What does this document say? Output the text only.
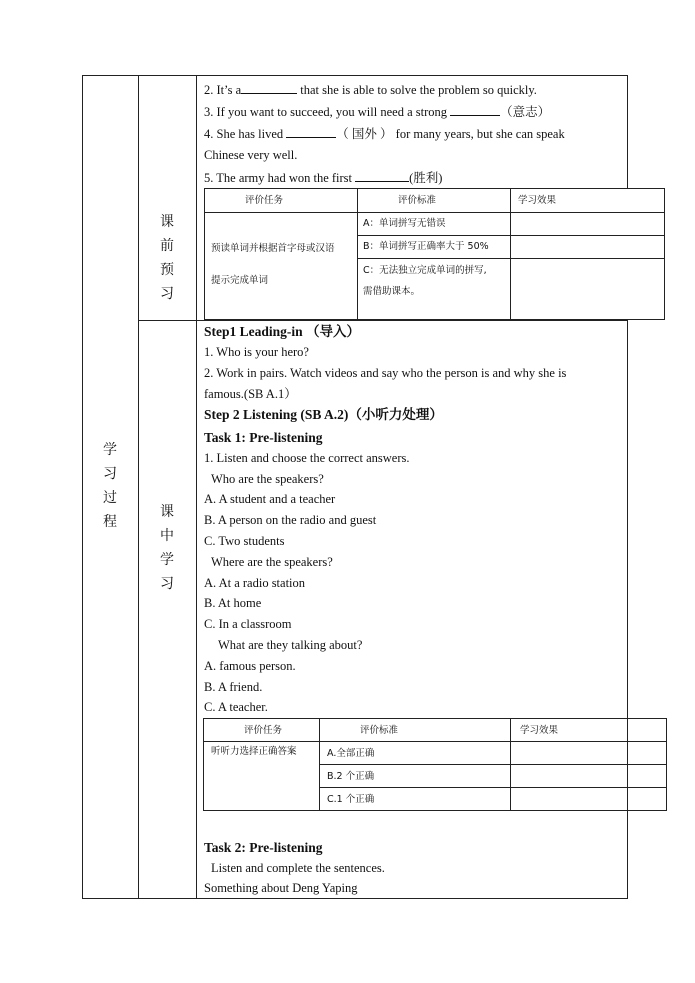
学习过程
课前预习
课中学习
2. It’s a	that she is able to solve the problem so quickly.
3. If you want to succeed, you will need a strong	（意志）
4. She has lived	（ 国外 ） for many years, but she can speak
Chinese very well.
5. The army had won the first	(胜利)
评价任务	评价标准	学习效果
预读单词并根据首字母或汉语
提示完成单词
A：单词拼写无错误
B：单词拼写正确率大于 50%
C：无法独立完成单词的拼写,
需借助课本。
Step1 Leading-in （导入）
1. Who is your hero?
2. Work in pairs. Watch videos and say who the person is and why she is
famous.(SB A.1）
Step 2 Listening (SB A.2)（小听力处理）
Task 1: Pre-listening
1. Listen and choose the correct answers.
Who are the speakers?
A. A student and a teacher
B. A person on the radio and guest
C. Two students
Where are the speakers?
A. At a radio station
B. At home
C. In a classroom
What are they talking about?
A. famous person.
B. A friend.
C. A teacher.
评价任务	评价标准	学习效果
听听力选择正确答案	A.全部正确
B.2 个正确
C.1 个正确
Task 2: Pre-listening
Listen and complete the sentences.
Something about Deng Yaping
